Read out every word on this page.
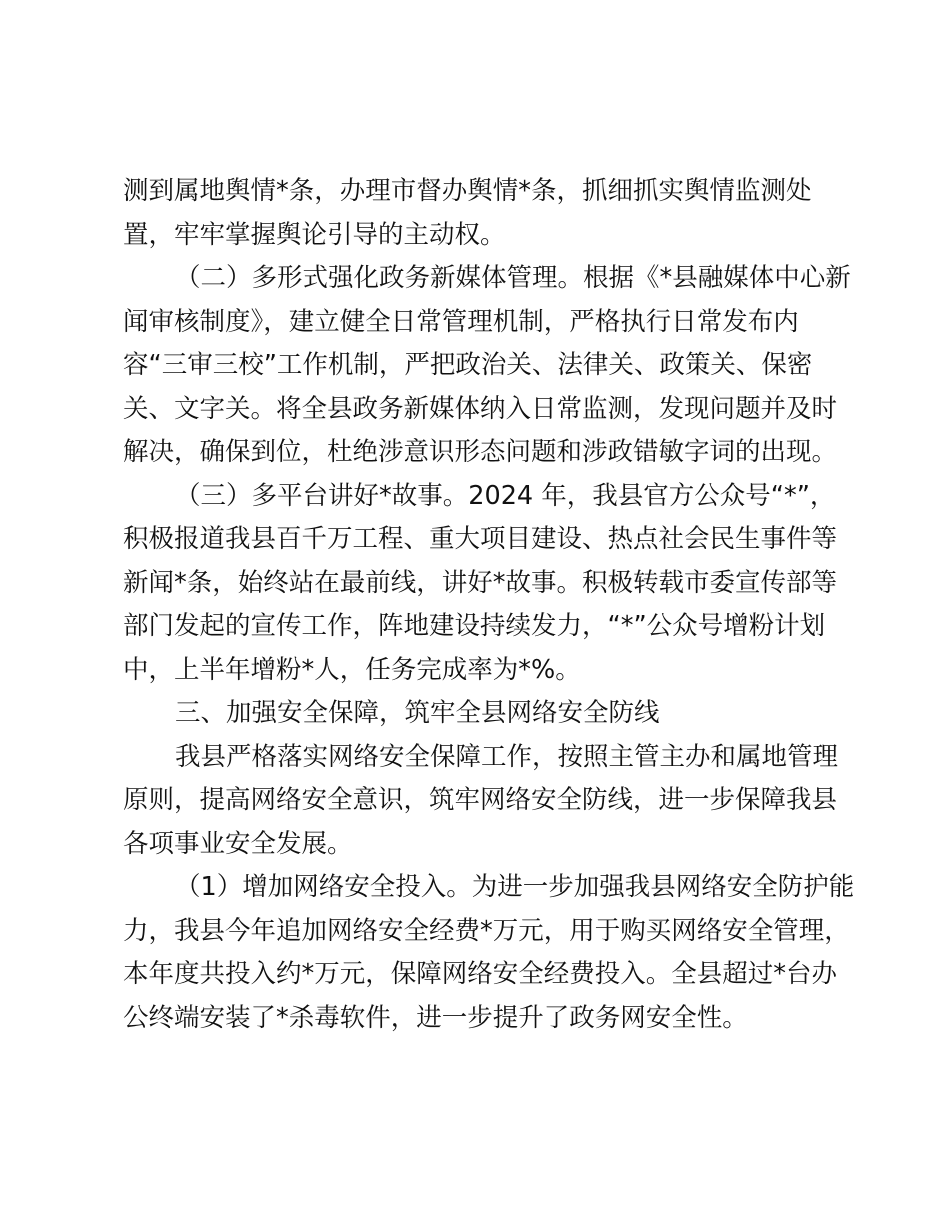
测到属地舆情*条，办理市督办舆情*条，抓细抓实舆情监测处
置，牢牢掌握舆论引导的主动权。
（二）多形式强化政务新媒体管理。根据《*县融媒体中心新
闻审核制度》，建立健全日常管理机制，严格执行日常发布内
容“三审三校”工作机制，严把政治关、法律关、政策关、保密
关、文字关。将全县政务新媒体纳入日常监测，发现问题并及时
解决，确保到位，杜绝涉意识形态问题和涉政错敏字词的出现。
（三）多平台讲好*故事。2024 年，我县官方公众号“*”，
积极报道我县百千万工程、重大项目建设、热点社会民生事件等
新闻*条，始终站在最前线，讲好*故事。积极转载市委宣传部等
部门发起的宣传工作，阵地建设持续发力，“*”公众号增粉计划
中，上半年增粉*人，任务完成率为*%。
三、加强安全保障，筑牢全县网络安全防线
我县严格落实网络安全保障工作，按照主管主办和属地管理
原则，提高网络安全意识，筑牢网络安全防线，进一步保障我县
各项事业安全发展。
（1）增加网络安全投入。为进一步加强我县网络安全防护能
力，我县今年追加网络安全经费*万元，用于购买网络安全管理，
本年度共投入约*万元，保障网络安全经费投入。全县超过*台办
公终端安装了*杀毒软件，进一步提升了政务网安全性。
